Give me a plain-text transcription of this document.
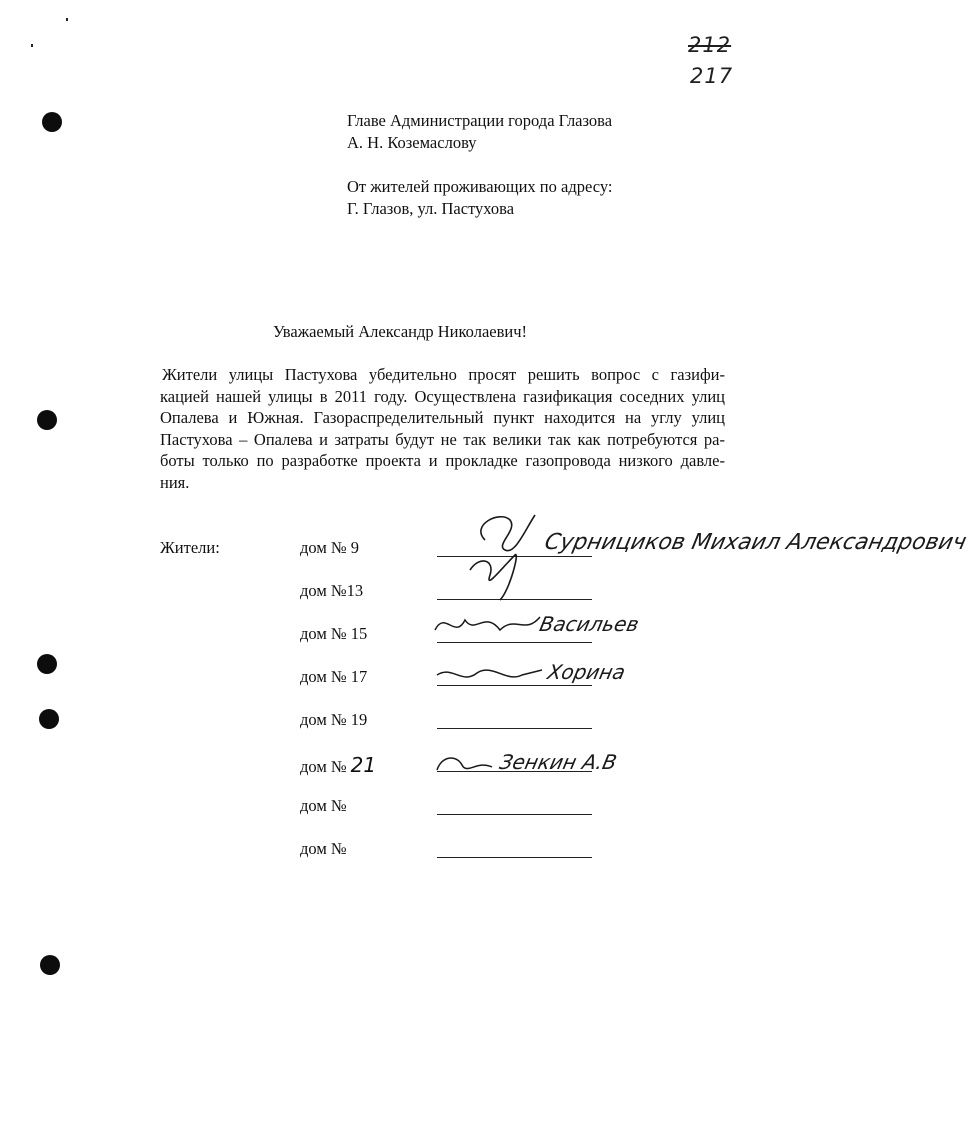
212
217
Главе Администрации города Глазова
А. Н. Коземаслову
От жителей проживающих по адресу:
Г. Глазов, ул. Пастухова
Уважаемый Александр Николаевич!
Жители улицы Пастухова убедительно просят решить вопрос с газифи-
кацией нашей улицы в 2011 году. Осуществлена газификация соседних улиц
Опалева и Южная. Газораспределительный пункт находится на углу улиц
Пастухова – Опалева и затраты будут не так велики так как потребуются ра-
боты только по разработке проекта и прокладке газопровода низкого давле-
ния.
Жители:	дом № 9
дом №13
дом № 15
дом № 17
дом № 19
дом № 21
дом №
дом №
Сурнициков Михаил Александрович
Васильев
Хорина
Зенкин А.В
